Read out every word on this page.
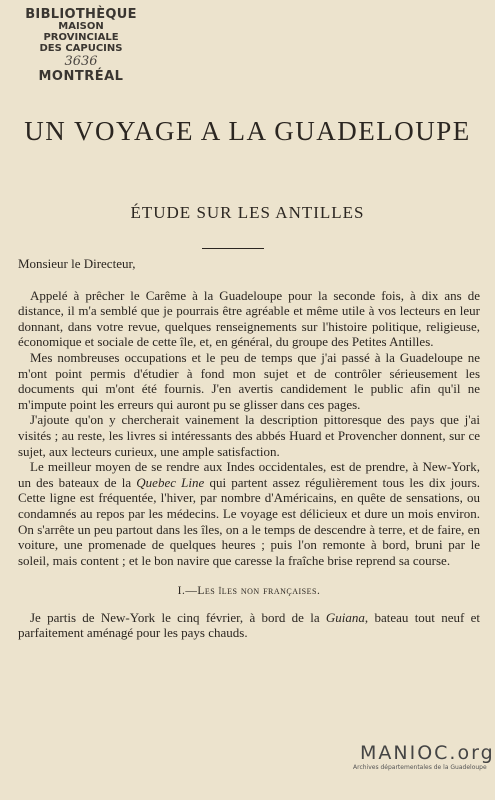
BIBLIOTHÈQUE
MAISON
PROVINCIALE
DES CAPUCINS
3636
MONTRÉAL
UN VOYAGE A LA GUADELOUPE
ÉTUDE SUR LES ANTILLES
Monsieur le Directeur,

Appelé à prêcher le Carême à la Guadeloupe pour la seconde fois, à dix ans de distance, il m'a semblé que je pourrais être agréable et même utile à vos lecteurs en leur donnant, dans votre revue, quelques renseignements sur l'histoire politique, religieuse, économique et sociale de cette île, et, en général, du groupe des Petites Antilles.

Mes nombreuses occupations et le peu de temps que j'ai passé à la Guadeloupe ne m'ont point permis d'étudier à fond mon sujet et de contrôler sérieusement les documents qui m'ont été fournis. J'en avertis candidement le public afin qu'il ne m'impute point les erreurs qui auront pu se glisser dans ces pages.

J'ajoute qu'on y chercherait vainement la description pittoresque des pays que j'ai visités ; au reste, les livres si intéressants des abbés Huard et Provencher donnent, sur ce sujet, aux lecteurs curieux, une ample satisfaction.

Le meilleur moyen de se rendre aux Indes occidentales, est de prendre, à New-York, un des bateaux de la Quebec Line qui partent assez régulièrement tous les dix jours. Cette ligne est fréquentée, l'hiver, par nombre d'Américains, en quête de sensations, ou condamnés au repos par les médecins. Le voyage est délicieux et dure un mois environ. On s'arrête un peu partout dans les îles, on a le temps de descendre à terre, et de faire, en voiture, une promenade de quelques heures ; puis l'on remonte à bord, bruni par le soleil, mais content ; et le bon navire que caresse la fraîche brise reprend sa course.

I.—Les îles non françaises.

Je partis de New-York le cinq février, à bord de la Guiana, bateau tout neuf et parfaitement aménagé pour les pays chauds.

MANIOC.org
Archives départementales de la Guadeloupe
